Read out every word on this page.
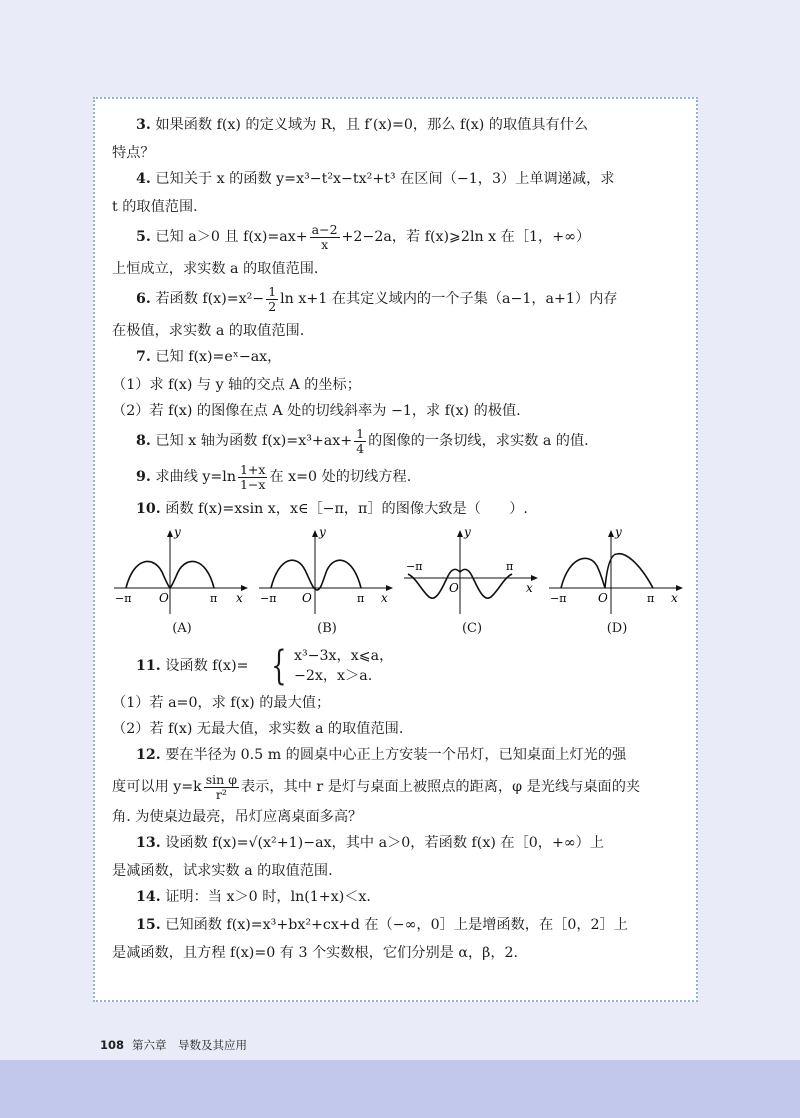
3. 如果函数 f(x) 的定义域为 R，且 f′(x)=0，那么 f(x) 的取值具有什么

特点？

4. 已知关于 x 的函数 y=x³−t²x−tx²+t³ 在区间（−1，3）上单调递减，求

t 的取值范围.

5. 已知 a＞0 且 $f(x)=ax+ \frac{a-2}{x} +2-2a$，若 f(x)⩾2ln x 在［1，+∞）

上恒成立，求实数 a 的取值范围.

6. 若函数 $f(x)=x^2- \frac{1}{2}$ ln x+1 在其定义域内的一个子集（a−1，a+1）内存

在极值，求实数 a 的取值范围.

7. 已知 f(x)=eˣ−ax，

（1）求 f(x) 与 y 轴的交点 A 的坐标；

（2）若 f(x) 的图像在点 A 处的切线斜率为 −1，求 f(x) 的极值.

8. 已知 x 轴为函数 $f(x)=x^3+ax+ \frac{1}{4}$ 的图像的一条切线，求实数 a 的值.

9. 求曲线 $y=\ln \frac{1+x}{1-x}$ 在 x=0 处的切线方程.

10. 函数 f(x)=xsin x，x∈［−π，π］的图像大致是（　　）.

−π	π
O	x
y
(A)
−π	π
O	x
y
(B)
−π	π
O	x
y
(C)
−π	π
O	x
y
(D)

11. 设函数 f(x)= { x³−3x，x⩽a，
−2x，x＞a.

（1）若 a=0，求 f(x) 的最大值；

（2）若 f(x) 无最大值，求实数 a 的取值范围.

12. 要在半径为 0.5 m 的圆桌中心正上方安装一个吊灯，已知桌面上灯光的强

度可以用 $y=k \frac{\text{sin φ}}{\text{r²}}$ 表示，其中 r 是灯与桌面上被照点的距离，φ 是光线与桌面的夹

角. 为使桌边最亮，吊灯应离桌面多高？

13. 设函数 f(x)=√(x²+1)−ax，其中 a＞0，若函数 f(x) 在［0，+∞）上

是减函数，试求实数 a 的取值范围.

14. 证明：当 x＞0 时，ln(1+x)＜x.

15. 已知函数 f(x)=x³+bx²+cx+d 在（−∞，0］上是增函数，在［0，2］上

是减函数，且方程 f(x)=0 有 3 个实数根，它们分别是 α，β，2.

108 第六章　导数及其应用
